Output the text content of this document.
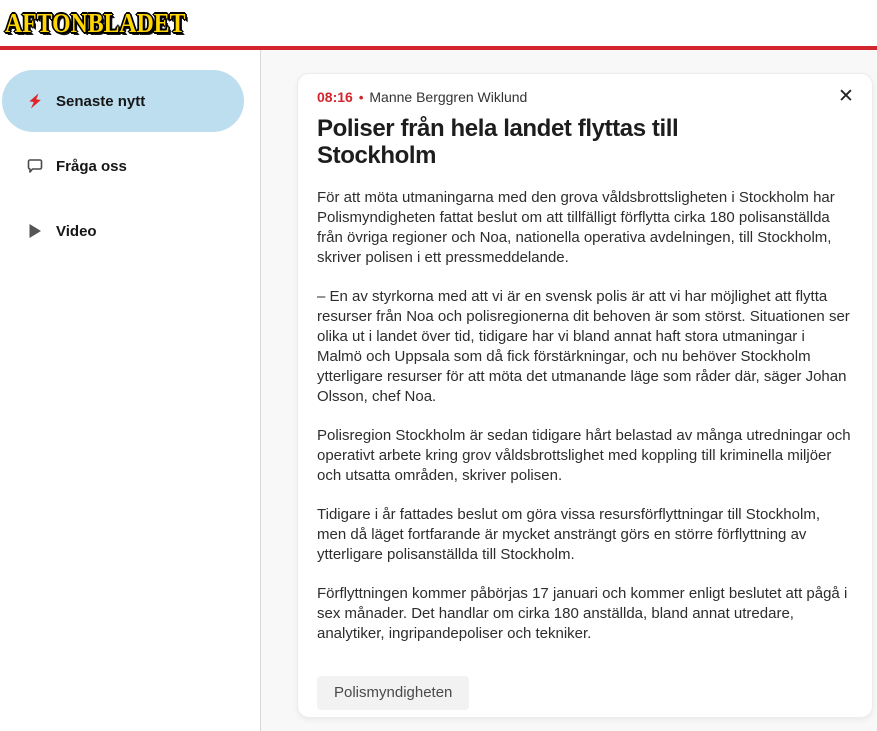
AFTONBLADET
Senaste nytt
Fråga oss
Video
✕
08:16 • Manne Berggren Wiklund
Poliser från hela landet flyttas till Stockholm

För att möta utmaningarna med den grova våldsbrottsligheten i Stockholm har Polismyndigheten fattat beslut om att tillfälligt förflytta cirka 180 polisanställda från övriga regioner och Noa, nationella operativa avdelningen, till Stockholm, skriver polisen i ett pressmeddelande.

– En av styrkorna med att vi är en svensk polis är att vi har möjlighet att flytta resurser från Noa och polisregionerna dit behoven är som störst. Situationen ser olika ut i landet över tid, tidigare har vi bland annat haft stora utmaningar i Malmö och Uppsala som då fick förstärkningar, och nu behöver Stockholm ytterligare resurser för att möta det utmanande läge som råder där, säger Johan Olsson, chef Noa.

Polisregion Stockholm är sedan tidigare hårt belastad av många utredningar och operativt arbete kring grov våldsbrottslighet med koppling till kriminella miljöer och utsatta områden, skriver polisen.

Tidigare i år fattades beslut om göra vissa resursförflyttningar till Stockholm, men då läget fortfarande är mycket ansträngt görs en större förflyttning av ytterligare polisanställda till Stockholm.

Förflyttningen kommer påbörjas 17 januari och kommer enligt beslutet att pågå i sex månader. Det handlar om cirka 180 anställda, bland annat utredare, analytiker, ingripandepoliser och tekniker.

Polismyndigheten
